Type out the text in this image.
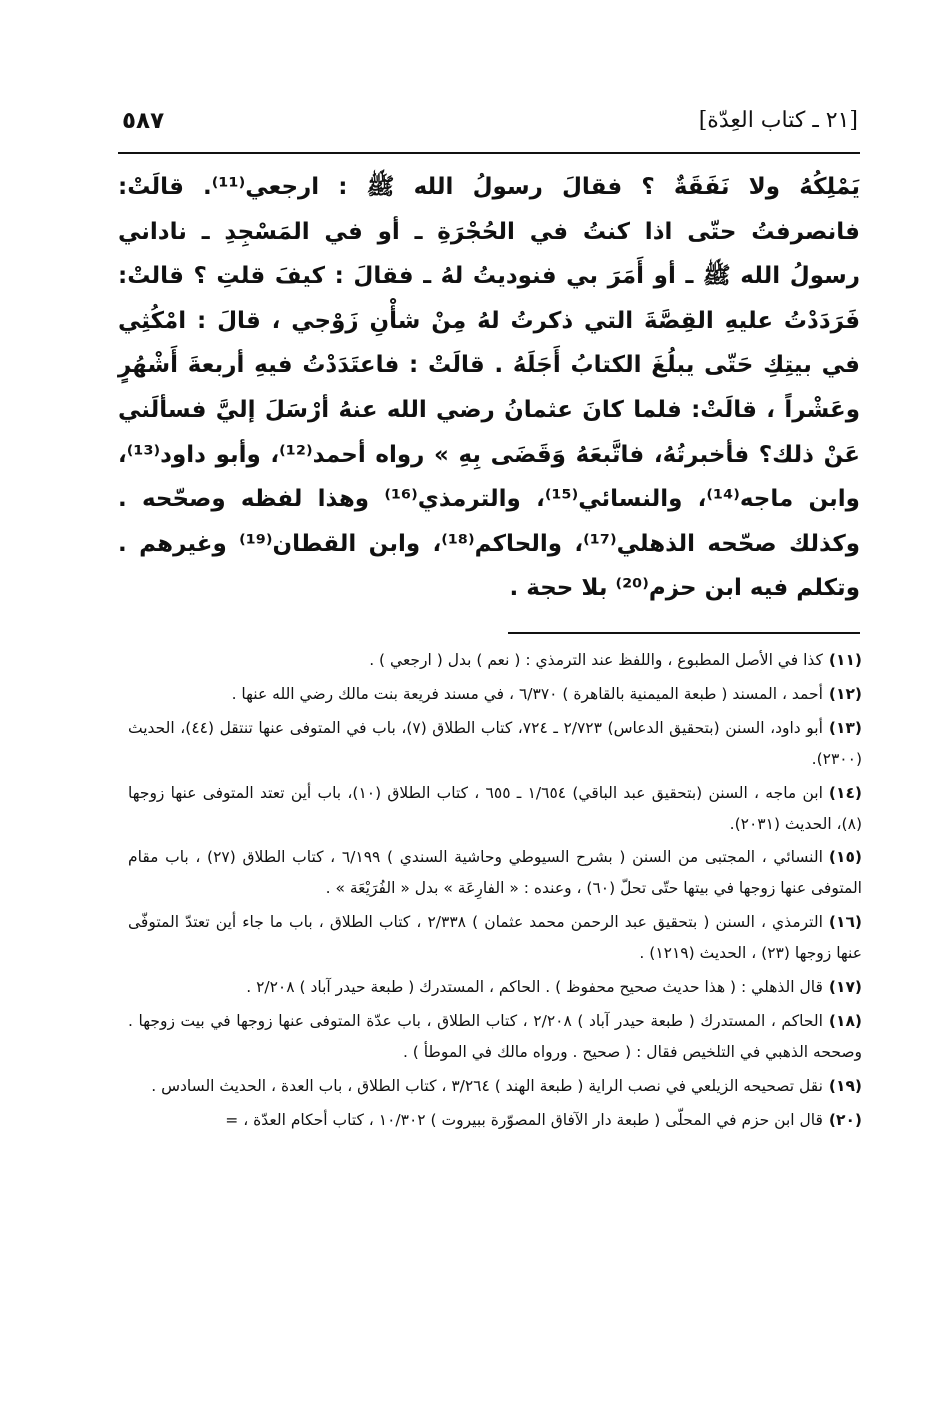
[٢١ ـ كتاب العِدّة]
٥٨٧

يَمْلِكُهُ ولا نَفَقَةٌ ؟ فقالَ رسولُ الله ﷺ : ارجعي⁽¹¹⁾. قالَتْ: فانصرفتُ حتّى اذا كنتُ في الحُجْرَةِ ـ أو في المَسْجِدِ ـ ناداني رسولُ الله ﷺ ـ أو أَمَرَ بي فنوديتُ لهُ ـ فقالَ : كيفَ قلتِ ؟ قالتْ: فَرَدَدْتُ عليهِ القِصَّةَ التي ذكرتُ لهُ مِنْ شأْنِ زَوْجي ، قالَ : امْكُثِي في بيتِكِ حَتّى يبلُغَ الكتابُ أَجَلَهُ . قالَتْ : فاعتَدَدْتُ فيهِ أربعةَ أَشْهُرٍ وعَشْراً ، قالَتْ: فلما كانَ عثمانُ رضي الله عنهُ أرْسَلَ إليَّ فسألَني عَنْ ذلك؟ فأخبرتُهُ، فاتَّبعَهُ وَقَضَى بِهِ » رواه أحمد⁽¹²⁾، وأبو داود⁽¹³⁾، وابن ماجه⁽¹⁴⁾، والنسائي⁽¹⁵⁾، والترمذي⁽¹⁶⁾ وهذا لفظه وصحّحه . وكذلك صحّحه الذهلي⁽¹⁷⁾، والحاكم⁽¹⁸⁾، وابن القطان⁽¹⁹⁾ وغيرهم . وتكلم فيه ابن حزم⁽²⁰⁾ بلا حجة .

(١١)كذا في الأصل المطبوع ، واللفظ عند الترمذي : ( نعم ) بدل ( ارجعي ) .

(١٢)أحمد ، المسند ( طبعة الميمنية بالقاهرة ) ٦/٣٧٠ ، في مسند فريعة بنت مالك رضي الله عنها .

(١٣)أبو داود، السنن (بتحقيق الدعاس) ٢/٧٢٣ ـ ٧٢٤، كتاب الطلاق (٧)، باب في المتوفى عنها تنتقل (٤٤)، الحديث (٢٣٠٠).

(١٤)ابن ماجه ، السنن (بتحقيق عبد الباقي) ١/٦٥٤ ـ ٦٥٥ ، كتاب الطلاق (١٠)، باب أين تعتد المتوفى عنها زوجها (٨)، الحديث (٢٠٣١).

(١٥)النسائي ، المجتبى من السنن ( بشرح السيوطي وحاشية السندي ) ٦/١٩٩ ، كتاب الطلاق (٢٧) ، باب مقام المتوفى عنها زوجها في بيتها حتّى تحلّ (٦٠) ، وعنده : « الفارِعَة » بدل « الفُرَيْعَة » .

(١٦)الترمذي ، السنن ( بتحقيق عبد الرحمن محمد عثمان ) ٢/٣٣٨ ، كتاب الطلاق ، باب ما جاء أين تعتدّ المتوفّى عنها زوجها (٢٣) ، الحديث (١٢١٩) .

(١٧)قال الذهلي : ( هذا حديث صحيح محفوظ ) . الحاكم ، المستدرك ( طبعة حيدر آباد ) ٢/٢٠٨ .

(١٨)الحاكم ، المستدرك ( طبعة حيدر آباد ) ٢/٢٠٨ ، كتاب الطلاق ، باب عدّة المتوفى عنها زوجها في بيت زوجها . وصححه الذهبي في التلخيص فقال : ( صحيح . ورواه مالك في الموطأ ) .

(١٩)نقل تصحيحه الزيلعي في نصب الراية ( طبعة الهند ) ٣/٢٦٤ ، كتاب الطلاق ، باب العدة ، الحديث السادس .

(٢٠)قال ابن حزم في المحلّى ( طبعة دار الآفاق المصوّرة ببيروت ) ١٠/٣٠٢ ، كتاب أحكام العدّة ، =
